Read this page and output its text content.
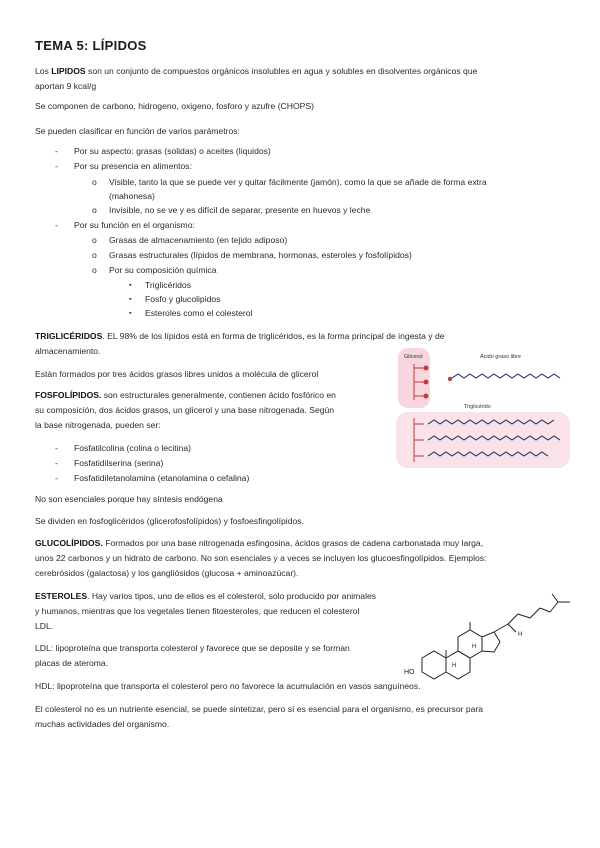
TEMA 5: LÍPIDOS
Los LIPIDOS son un conjunto de compuestos orgánicos insolubles en agua y solubles en disolventes orgánicos que
aportan 9 kcal/g
Se componen de carbono, hidrogeno, oxigeno, fosforo y azufre (CHOPS)
Se pueden clasificar en función de varios parámetros:
- Por su aspecto: grasas (solidas) o aceites (liquidos)
- Por su presencia en alimentos:
o Visible, tanto la que se puede ver y quitar fácilmente (jamón), como la que se añade de forma extra
(mahonesa)
o Invisible, no se ve y es difícil de separar, presente en huevos y leche
- Por su función en el organismo:
o Grasas de almacenamiento (en tejido adiposo)
o Grasas estructurales (lípidos de membrana, hormonas, esteroles y fosfolípidos)
o Por su composición química
▪ Triglicéridos
▪ Fosfo y glucolipidos
▪ Esteroles como el colesterol
TRIGLICÉRIDOS. EL 98% de los lípidos está en forma de triglicéridos, es la forma principal de ingesta y de
almacenamiento.
Están formados por tres ácidos grasos libres unidos a molécula de glicerol
FOSFOLÍPIDOS. son estructurales generalmente, contienen ácido fosfórico en
su composición, dos ácidos grasos, un glicerol y una base nitrogenada. Según
la base nitrogenada, pueden ser:
- Fosfatilcolina (colina o lecitina)
- Fosfatidilserina (serina)
- Fosfatidiletanolamina (etanolamina o cefalina)
No son esenciales porque hay síntesis endógena
Se dividen en fosfoglicéridos (glicerofosfolípidos) y fosfoesfingolípidos.
GLUCOLÍPIDOS. Formados por una base nitrogenada esfingosina, ácidos grasos de cadena carbonatada muy larga,
unos 22 carbonos y un hidrato de carbono. No son esenciales y a veces se incluyen los glucoesfingolípidos. Ejemplos:
cerebrósidos (galactosa) y los gangliósidos (glucosa + aminoazúcar).
ESTEROLES. Hay varios tipos, uno de ellos es el colesterol, solo producido por animales
y humanos, mientras que los vegetales tienen fitoesteroles, que reducen el colesterol
LDL.
LDL: lipoproteína que transporta colesterol y favorece que se deposite y se forman
placas de ateroma.
HDL: lipoproteína que transporta el colesterol pero no favorece la acumulación en vasos sanguíneos.
El colesterol no es un nutriente esencial, se puede sintetizar, pero sí es esencial para el organismo, es precursor para
muchas actividades del organismo.
Glicerol	Ácido graso libre
Triglicérido
HO
H
H
H
